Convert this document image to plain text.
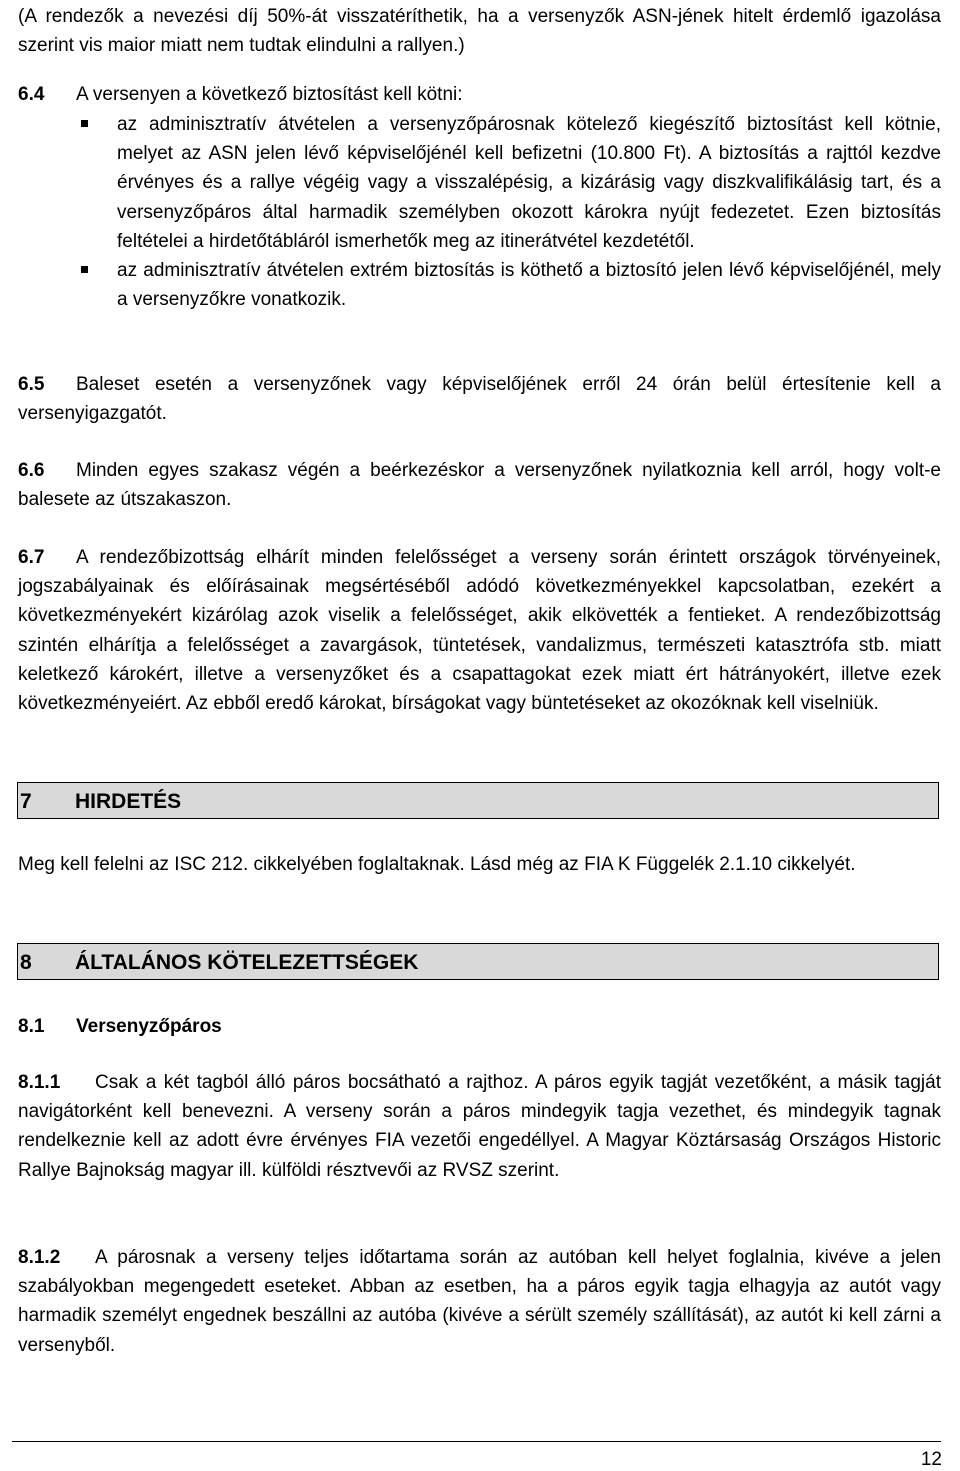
(A rendezők a nevezési díj 50%-át visszatéríthetik, ha a versenyzők ASN-jének hitelt érdemlő igazolása szerint vis maior miatt nem tudtak elindulni a rallyen.)

6.4 A versenyen a következő biztosítást kell kötni:

az adminisztratív átvételen a versenyzőpárosnak kötelező kiegészítő biztosítást kell kötnie, melyet az ASN jelen lévő képviselőjénél kell befizetni (10.800 Ft). A biztosítás a rajttól kezdve érvényes és a rallye végéig vagy a visszalépésig, a kizárásig vagy diszkvalifikálásig tart, és a versenyzőpáros által harmadik személyben okozott károkra nyújt fedezetet. Ezen biztosítás feltételei a hirdetőtábláról ismerhetők meg az itinerátvétel kezdetétől.

az adminisztratív átvételen extrém biztosítás is köthető a biztosító jelen lévő képviselőjénél, mely a versenyzőkre vonatkozik.

6.5 Baleset esetén a versenyzőnek vagy képviselőjének erről 24 órán belül értesítenie kell a versenyigazgatót.

6.6 Minden egyes szakasz végén a beérkezéskor a versenyzőnek nyilatkoznia kell arról, hogy volt-e balesete az útszakaszon.

6.7 A rendezőbizottság elhárít minden felelősséget a verseny során érintett országok törvényeinek, jogszabályainak és előírásainak megsértéséből adódó következményekkel kapcsolatban, ezekért a következményekért kizárólag azok viselik a felelősséget, akik elkövették a fentieket. A rendezőbizottság szintén elhárítja a felelősséget a zavargások, tüntetések, vandalizmus, természeti katasztrófa stb. miatt keletkező károkért, illetve a versenyzőket és a csapattagokat ezek miatt ért hátrányokért, illetve ezek következményeiért. Az ebből eredő károkat, bírságokat vagy büntetéseket az okozóknak kell viselniük.

7 HIRDETÉS

Meg kell felelni az ISC 212. cikkelyében foglaltaknak. Lásd még az FIA K Függelék 2.1.10 cikkelyét.

8 ÁLTALÁNOS KÖTELEZETTSÉGEK

8.1 Versenyzőpáros

8.1.1 Csak a két tagból álló páros bocsátható a rajthoz. A páros egyik tagját vezetőként, a másik tagját navigátorként kell benevezni. A verseny során a páros mindegyik tagja vezethet, és mindegyik tagnak rendelkeznie kell az adott évre érvényes FIA vezetői engedéllyel. A Magyar Köztársaság Országos Historic Rallye Bajnokság magyar ill. külföldi résztvevői az RVSZ szerint.

8.1.2 A párosnak a verseny teljes időtartama során az autóban kell helyet foglalnia, kivéve a jelen szabályokban megengedett eseteket. Abban az esetben, ha a páros egyik tagja elhagyja az autót vagy harmadik személyt engednek beszállni az autóba (kivéve a sérült személy szállítását), az autót ki kell zárni a versenyből.

12
